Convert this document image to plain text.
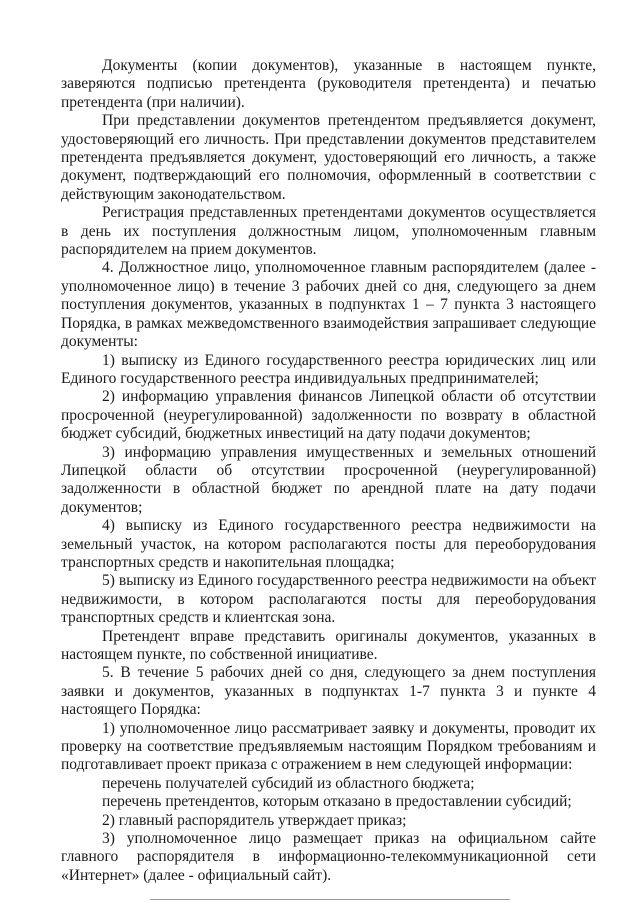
Документы (копии документов), указанные в настоящем пункте, заверяются подписью претендента (руководителя претендента) и печатью претендента (при наличии).

При представлении документов претендентом предъявляется документ, удостоверяющий его личность. При представлении документов представителем претендента предъявляется документ, удостоверяющий его личность, а также документ, подтверждающий его полномочия, оформленный в соответствии с действующим законодательством.

Регистрация представленных претендентами документов осуществляется в день их поступления должностным лицом, уполномоченным главным распорядителем на прием документов.

4. Должностное лицо, уполномоченное главным распорядителем (далее - уполномоченное лицо) в течение 3 рабочих дней со дня, следующего за днем поступления документов, указанных в подпунктах 1 – 7 пункта 3 настоящего Порядка, в рамках межведомственного взаимодействия запрашивает следующие документы:

1) выписку из Единого государственного реестра юридических лиц или Единого государственного реестра индивидуальных предпринимателей;

2) информацию управления финансов Липецкой области об отсутствии просроченной (неурегулированной) задолженности по возврату в областной бюджет субсидий, бюджетных инвестиций на дату подачи документов;

3) информацию управления имущественных и земельных отношений Липецкой области об отсутствии просроченной (неурегулированной) задолженности в областной бюджет по арендной плате на дату подачи документов;

4) выписку из Единого государственного реестра недвижимости на земельный участок, на котором располагаются посты для переоборудования транспортных средств и накопительная площадка;

5) выписку из Единого государственного реестра недвижимости на объект недвижимости, в котором располагаются посты для переоборудования транспортных средств и клиентская зона.

Претендент вправе представить оригиналы документов, указанных в настоящем пункте, по собственной инициативе.

5. В течение 5 рабочих дней со дня, следующего за днем поступления заявки и документов, указанных в подпунктах 1-7 пункта 3 и пункте 4 настоящего Порядка:

1) уполномоченное лицо рассматривает заявку и документы, проводит их проверку на соответствие предъявляемым настоящим Порядком требованиям и подготавливает проект приказа с отражением в нем следующей информации:

перечень получателей субсидий из областного бюджета;

перечень претендентов, которым отказано в предоставлении субсидий;

2) главный распорядитель утверждает приказ;

3) уполномоченное лицо размещает приказ на официальном сайте главного распорядителя в информационно-телекоммуникационной сети «Интернет» (далее - официальный сайт).
